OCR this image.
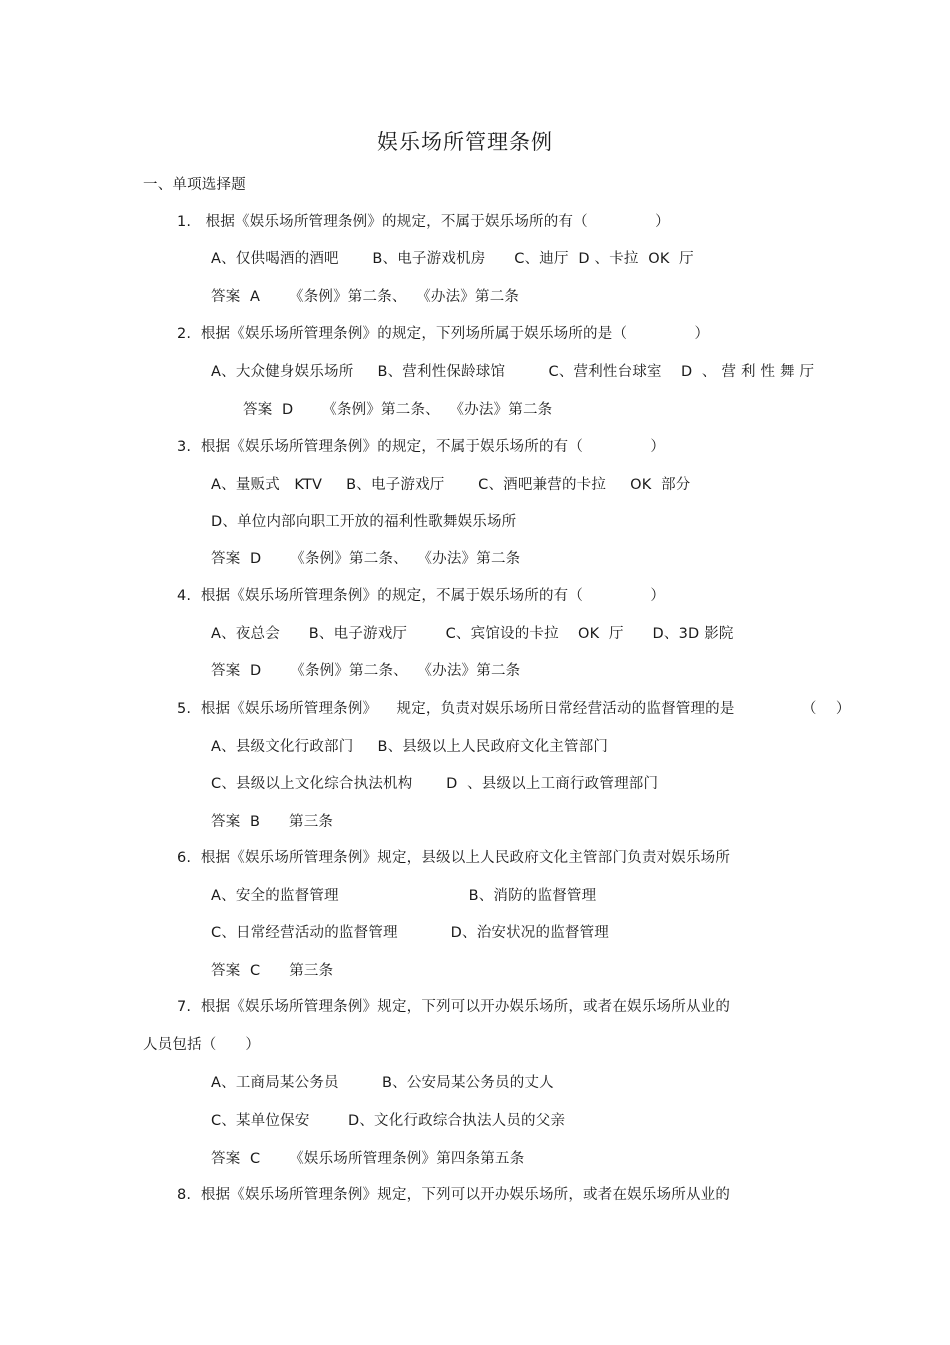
娱乐场所管理条例
一、单项选择题
1.   根据《娱乐场所管理条例》的规定，不属于娱乐场所的有（              ）
A、仅供喝酒的酒吧       B、电子游戏机房      C、迪厅  D 、卡拉  OK  厅
答案  A      《条例》第二条、  《办法》第二条
2.  根据《娱乐场所管理条例》的规定，下列场所属于娱乐场所的是（              ）
A、大众健身娱乐场所     B、营利性保龄球馆         C、营利性台球室    D  、 营 利 性 舞 厅
答案  D      《条例》第二条、  《办法》第二条
3.  根据《娱乐场所管理条例》的规定，不属于娱乐场所的有（              ）
A、量贩式   KTV     B、电子游戏厅       C、酒吧兼营的卡拉     OK  部分
D、单位内部向职工开放的福利性歌舞娱乐场所
答案  D      《条例》第二条、  《办法》第二条
4.  根据《娱乐场所管理条例》的规定，不属于娱乐场所的有（              ）
A、夜总会      B、电子游戏厅        C、宾馆设的卡拉    OK  厅      D、3D 影院
答案  D      《条例》第二条、  《办法》第二条
5.  根据《娱乐场所管理条例》    规定，负责对娱乐场所日常经营活动的监督管理的是              （    ）
A、县级文化行政部门     B、县级以上人民政府文化主管部门
C、县级以上文化综合执法机构       D  、县级以上工商行政管理部门
答案  B      第三条
6.  根据《娱乐场所管理条例》规定，县级以上人民政府文化主管部门负责对娱乐场所
A、安全的监督管理                           B、消防的监督管理
C、日常经营活动的监督管理           D、治安状况的监督管理
答案  C      第三条
7.  根据《娱乐场所管理条例》规定，下列可以开办娱乐场所，或者在娱乐场所从业的
人员包括（      ）
A、工商局某公务员         B、公安局某公务员的丈人
C、某单位保安        D、文化行政综合执法人员的父亲
答案  C      《娱乐场所管理条例》第四条第五条
8.  根据《娱乐场所管理条例》规定，下列可以开办娱乐场所，或者在娱乐场所从业的
